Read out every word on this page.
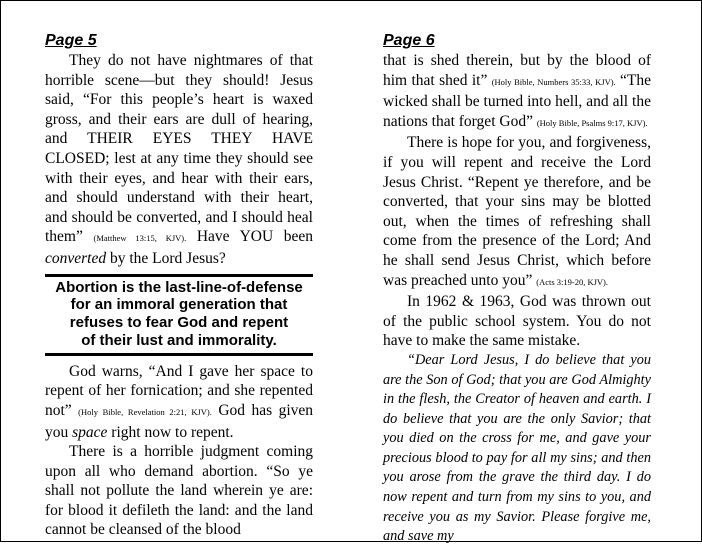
Page 5

They do not have nightmares of that horrible scene—but they should! Jesus said, “For this people’s heart is waxed gross, and their ears are dull of hearing, and THEIR EYES THEY HAVE CLOSED; lest at any time they should see with their eyes, and hear with their ears, and should understand with their heart, and should be converted, and I should heal them” (Matthew 13:15, KJV). Have YOU been converted by the Lord Jesus?

Abortion is the last-line-of-defense
for an immoral generation that
refuses to fear God and repent
of their lust and immorality.

God warns, “And I gave her space to repent of her fornication; and she repented not” (Holy Bible, Revelation 2:21, KJV). God has given you space right now to repent.

There is a horrible judgment coming upon all who demand abortion. “So ye shall not pollute the land wherein ye are: for blood it defileth the land: and the land cannot be cleansed of the blood

Page 6

that is shed therein, but by the blood of him that shed it” (Holy Bible, Numbers 35:33, KJV). “The wicked shall be turned into hell, and all the nations that forget God” (Holy Bible, Psalms 9:17, KJV).

There is hope for you, and forgiveness, if you will repent and receive the Lord Jesus Christ. “Repent ye therefore, and be converted, that your sins may be blotted out, when the times of refreshing shall come from the presence of the Lord; And he shall send Jesus Christ, which before was preached unto you” (Acts 3:19-20, KJV).

In 1962 & 1963, God was thrown out of the public school system. You do not have to make the same mistake.

“Dear Lord Jesus, I do believe that you are the Son of God; that you are God Almighty in the flesh, the Creator of heaven and earth. I do believe that you are the only Savior; that you died on the cross for me, and gave your precious blood to pay for all my sins; and then you arose from the grave the third day. I do now repent and turn from my sins to you, and receive you as my Savior. Please forgive me, and save my
